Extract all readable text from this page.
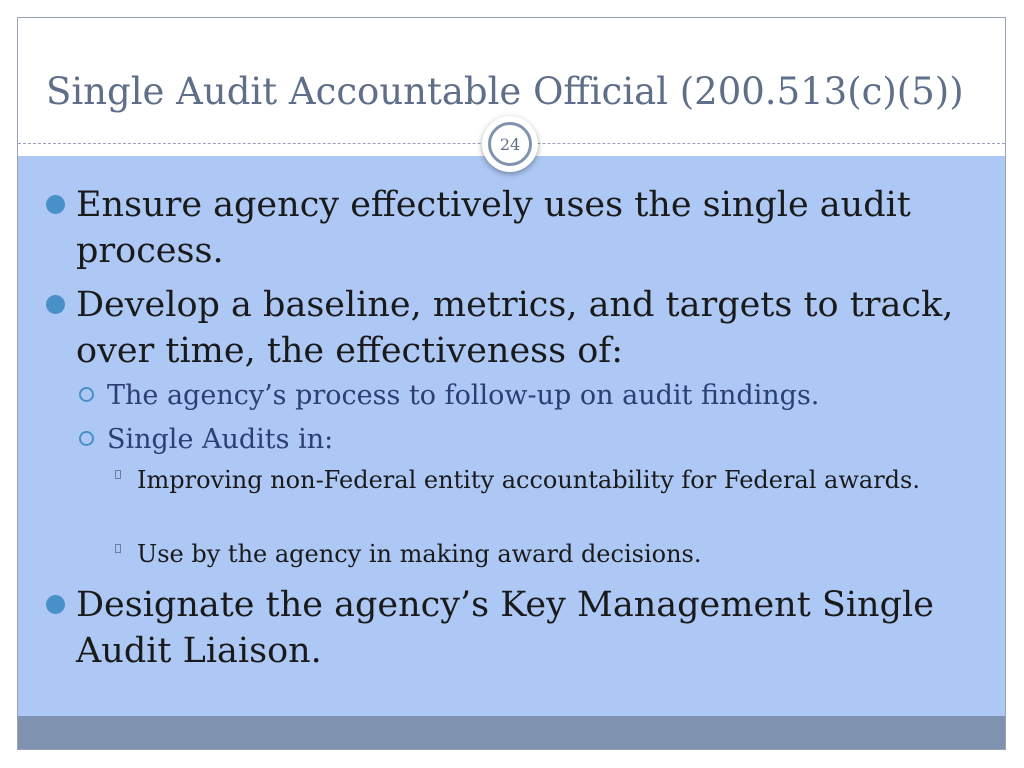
Single Audit Accountable Official (200.513(c)(5))
24
Ensure agency effectively uses the single audit process.
Develop a baseline, metrics, and targets to track, over time, the effectiveness of:
The agency’s process to follow-up on audit findings.
Single Audits in:
Improving non-Federal entity accountability for Federal awards.
Use by the agency in making award decisions.
Designate the agency’s Key Management Single Audit Liaison.
